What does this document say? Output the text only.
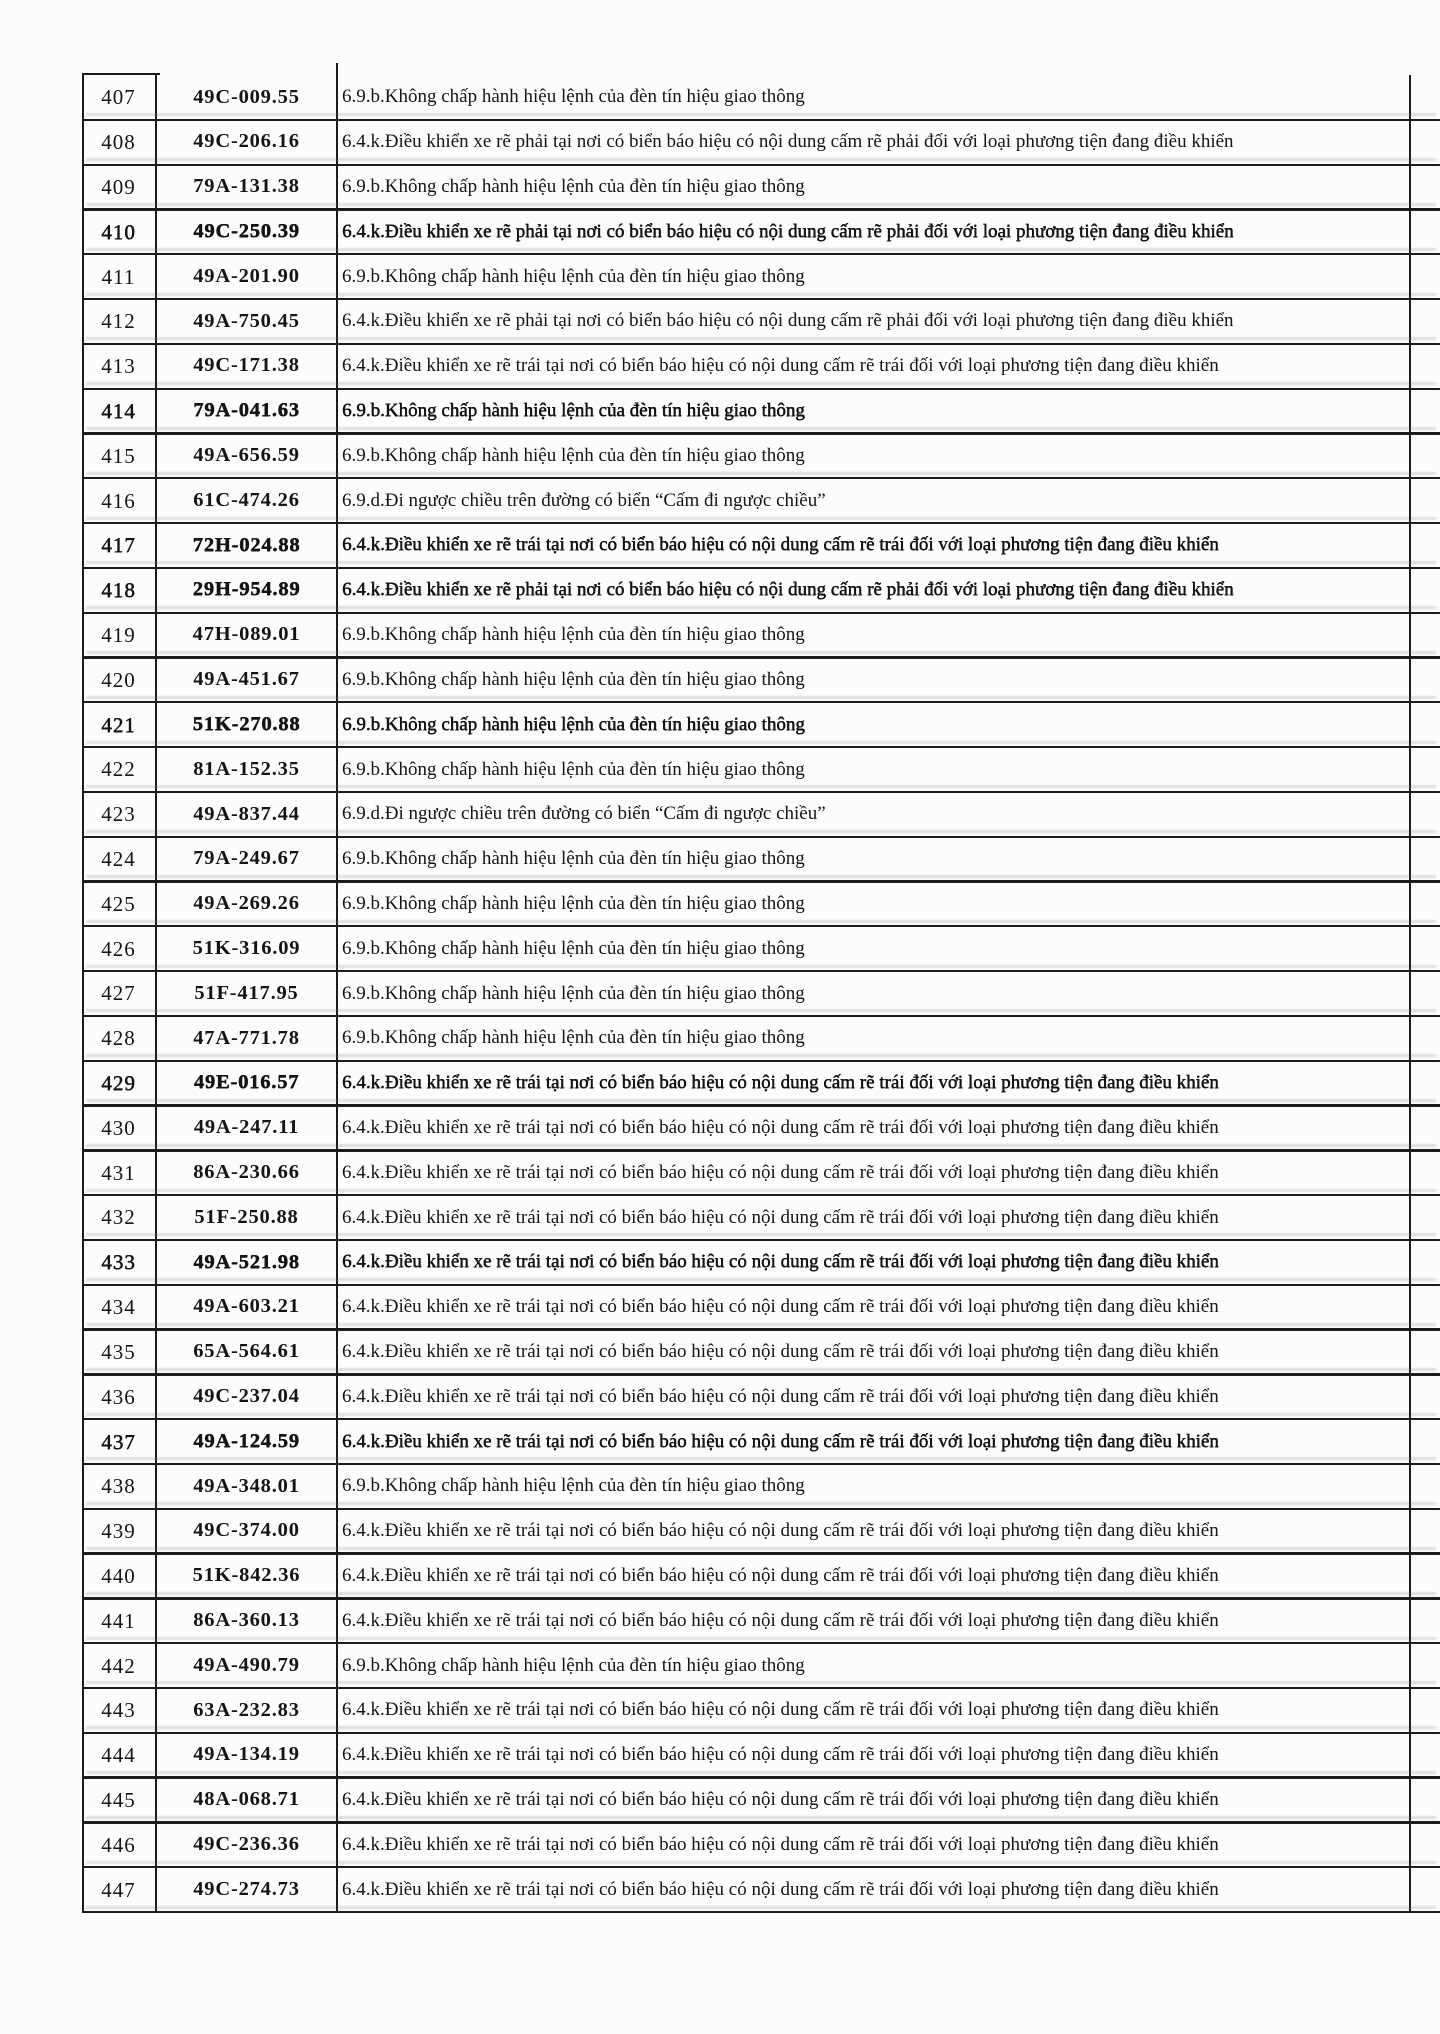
407	49C-009.55	6.9.b.Không chấp hành hiệu lệnh của đèn tín hiệu giao thông
408	49C-206.16	6.4.k.Điều khiển xe rẽ phải tại nơi có biển báo hiệu có nội dung cấm rẽ phải đối với loại phương tiện đang điều khiển
409	79A-131.38	6.9.b.Không chấp hành hiệu lệnh của đèn tín hiệu giao thông
410	49C-250.39	6.4.k.Điều khiển xe rẽ phải tại nơi có biển báo hiệu có nội dung cấm rẽ phải đối với loại phương tiện đang điều khiển
411	49A-201.90	6.9.b.Không chấp hành hiệu lệnh của đèn tín hiệu giao thông
412	49A-750.45	6.4.k.Điều khiển xe rẽ phải tại nơi có biển báo hiệu có nội dung cấm rẽ phải đối với loại phương tiện đang điều khiển
413	49C-171.38	6.4.k.Điều khiển xe rẽ trái tại nơi có biển báo hiệu có nội dung cấm rẽ trái đối với loại phương tiện đang điều khiển
414	79A-041.63	6.9.b.Không chấp hành hiệu lệnh của đèn tín hiệu giao thông
415	49A-656.59	6.9.b.Không chấp hành hiệu lệnh của đèn tín hiệu giao thông
416	61C-474.26	6.9.d.Đi ngược chiều trên đường có biển “Cấm đi ngược chiều”
417	72H-024.88	6.4.k.Điều khiển xe rẽ trái tại nơi có biển báo hiệu có nội dung cấm rẽ trái đối với loại phương tiện đang điều khiển
418	29H-954.89	6.4.k.Điều khiển xe rẽ phải tại nơi có biển báo hiệu có nội dung cấm rẽ phải đối với loại phương tiện đang điều khiển
419	47H-089.01	6.9.b.Không chấp hành hiệu lệnh của đèn tín hiệu giao thông
420	49A-451.67	6.9.b.Không chấp hành hiệu lệnh của đèn tín hiệu giao thông
421	51K-270.88	6.9.b.Không chấp hành hiệu lệnh của đèn tín hiệu giao thông
422	81A-152.35	6.9.b.Không chấp hành hiệu lệnh của đèn tín hiệu giao thông
423	49A-837.44	6.9.d.Đi ngược chiều trên đường có biển “Cấm đi ngược chiều”
424	79A-249.67	6.9.b.Không chấp hành hiệu lệnh của đèn tín hiệu giao thông
425	49A-269.26	6.9.b.Không chấp hành hiệu lệnh của đèn tín hiệu giao thông
426	51K-316.09	6.9.b.Không chấp hành hiệu lệnh của đèn tín hiệu giao thông
427	51F-417.95	6.9.b.Không chấp hành hiệu lệnh của đèn tín hiệu giao thông
428	47A-771.78	6.9.b.Không chấp hành hiệu lệnh của đèn tín hiệu giao thông
429	49E-016.57	6.4.k.Điều khiển xe rẽ trái tại nơi có biển báo hiệu có nội dung cấm rẽ trái đối với loại phương tiện đang điều khiển
430	49A-247.11	6.4.k.Điều khiển xe rẽ trái tại nơi có biển báo hiệu có nội dung cấm rẽ trái đối với loại phương tiện đang điều khiển
431	86A-230.66	6.4.k.Điều khiển xe rẽ trái tại nơi có biển báo hiệu có nội dung cấm rẽ trái đối với loại phương tiện đang điều khiển
432	51F-250.88	6.4.k.Điều khiển xe rẽ trái tại nơi có biển báo hiệu có nội dung cấm rẽ trái đối với loại phương tiện đang điều khiển
433	49A-521.98	6.4.k.Điều khiển xe rẽ trái tại nơi có biển báo hiệu có nội dung cấm rẽ trái đối với loại phương tiện đang điều khiển
434	49A-603.21	6.4.k.Điều khiển xe rẽ trái tại nơi có biển báo hiệu có nội dung cấm rẽ trái đối với loại phương tiện đang điều khiển
435	65A-564.61	6.4.k.Điều khiển xe rẽ trái tại nơi có biển báo hiệu có nội dung cấm rẽ trái đối với loại phương tiện đang điều khiển
436	49C-237.04	6.4.k.Điều khiển xe rẽ trái tại nơi có biển báo hiệu có nội dung cấm rẽ trái đối với loại phương tiện đang điều khiển
437	49A-124.59	6.4.k.Điều khiển xe rẽ trái tại nơi có biển báo hiệu có nội dung cấm rẽ trái đối với loại phương tiện đang điều khiển
438	49A-348.01	6.9.b.Không chấp hành hiệu lệnh của đèn tín hiệu giao thông
439	49C-374.00	6.4.k.Điều khiển xe rẽ trái tại nơi có biển báo hiệu có nội dung cấm rẽ trái đối với loại phương tiện đang điều khiển
440	51K-842.36	6.4.k.Điều khiển xe rẽ trái tại nơi có biển báo hiệu có nội dung cấm rẽ trái đối với loại phương tiện đang điều khiển
441	86A-360.13	6.4.k.Điều khiển xe rẽ trái tại nơi có biển báo hiệu có nội dung cấm rẽ trái đối với loại phương tiện đang điều khiển
442	49A-490.79	6.9.b.Không chấp hành hiệu lệnh của đèn tín hiệu giao thông
443	63A-232.83	6.4.k.Điều khiển xe rẽ trái tại nơi có biển báo hiệu có nội dung cấm rẽ trái đối với loại phương tiện đang điều khiển
444	49A-134.19	6.4.k.Điều khiển xe rẽ trái tại nơi có biển báo hiệu có nội dung cấm rẽ trái đối với loại phương tiện đang điều khiển
445	48A-068.71	6.4.k.Điều khiển xe rẽ trái tại nơi có biển báo hiệu có nội dung cấm rẽ trái đối với loại phương tiện đang điều khiển
446	49C-236.36	6.4.k.Điều khiển xe rẽ trái tại nơi có biển báo hiệu có nội dung cấm rẽ trái đối với loại phương tiện đang điều khiển
447	49C-274.73	6.4.k.Điều khiển xe rẽ trái tại nơi có biển báo hiệu có nội dung cấm rẽ trái đối với loại phương tiện đang điều khiển
